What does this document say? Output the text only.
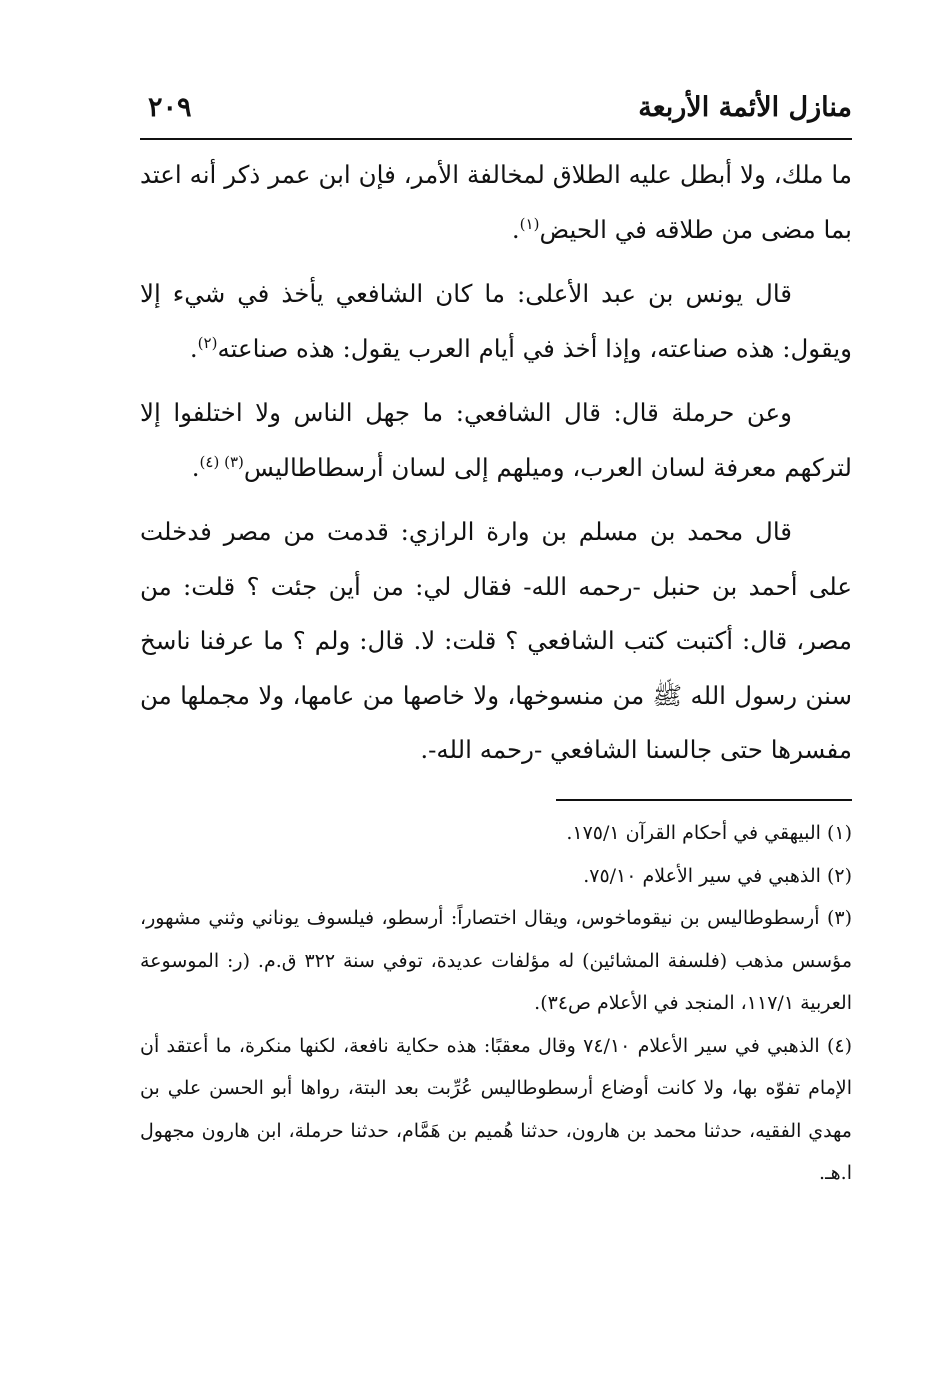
منازل الأئمة الأربعة
٢٠٩

ما ملك، ولا أبطل عليه الطلاق لمخالفة الأمر، فإن ابن عمر ذكر أنه اعتد بما مضى من طلاقه في الحيض$^{(١)}$.

قال يونس بن عبد الأعلى: ما كان الشافعي يأخذ في شيء إلا ويقول: هذه صناعته، وإذا أخذ في أيام العرب يقول: هذه صناعته$^{(٢)}$.

وعن حرملة قال: قال الشافعي: ما جهل الناس ولا اختلفوا إلا لتركهم معرفة لسان العرب، وميلهم إلى لسان أرسطاطاليس$^{(٣) (٤)}$.

قال محمد بن مسلم بن وارة الرازي: قدمت من مصر فدخلت على أحمد بن حنبل -رحمه الله- فقال لي: من أين جئت ؟ قلت: من مصر، قال: أكتبت كتب الشافعي ؟ قلت: لا. قال: ولم ؟ ما عرفنا ناسخ سنن رسول الله ﷺ من منسوخها، ولا خاصها من عامها، ولا مجملها من مفسرها حتى جالسنا الشافعي -رحمه الله-.

(١) البيهقي في أحكام القرآن ١٧٥/١.

(٢) الذهبي في سير الأعلام ٧٥/١٠.

(٣) أرسطوطاليس بن نيقوماخوس، ويقال اختصاراً: أرسطو، فيلسوف يوناني وثني مشهور، مؤسس مذهب (فلسفة المشائين) له مؤلفات عديدة، توفي سنة ٣٢٢ ق.م. (ر: الموسوعة العربية ١١٧/١، المنجد في الأعلام ص٣٤).

(٤) الذهبي في سير الأعلام ٧٤/١٠ وقال معقبًا: هذه حكاية نافعة، لكنها منكرة، ما أعتقد أن الإمام تفوّه بها، ولا كانت أوضاع أرسطوطاليس عُرِّبت بعد البتة، رواها أبو الحسن علي بن مهدي الفقيه، حدثنا محمد بن هارون، حدثنا هُميم بن هَمَّام، حدثنا حرملة، ابن هارون مجهول ا.هـ.
